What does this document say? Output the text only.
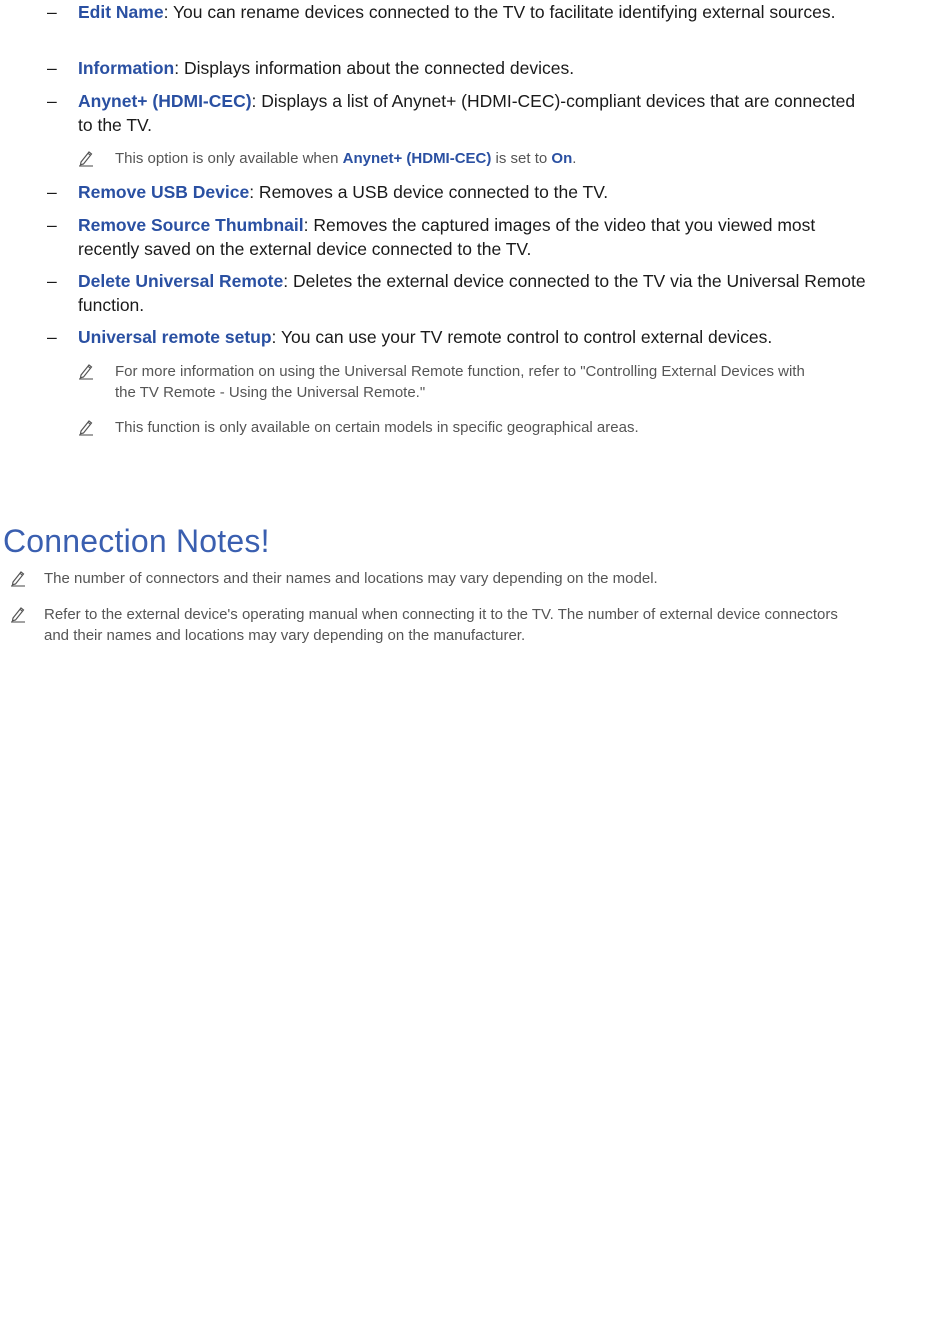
– Edit Name: You can rename devices connected to the TV to facilitate identifying external sources.
– Information: Displays information about the connected devices.
– Anynet+ (HDMI-CEC): Displays a list of Anynet+ (HDMI-CEC)-compliant devices that are connected to the TV.
This option is only available when Anynet+ (HDMI-CEC) is set to On.
– Remove USB Device: Removes a USB device connected to the TV.
– Remove Source Thumbnail: Removes the captured images of the video that you viewed most recently saved on the external device connected to the TV.
– Delete Universal Remote: Deletes the external device connected to the TV via the Universal Remote function.
– Universal remote setup: You can use your TV remote control to control external devices.
For more information on using the Universal Remote function, refer to "Controlling External Devices with the TV Remote - Using the Universal Remote."
This function is only available on certain models in specific geographical areas.
Connection Notes!
The number of connectors and their names and locations may vary depending on the model.
Refer to the external device's operating manual when connecting it to the TV. The number of external device connectors and their names and locations may vary depending on the manufacturer.
